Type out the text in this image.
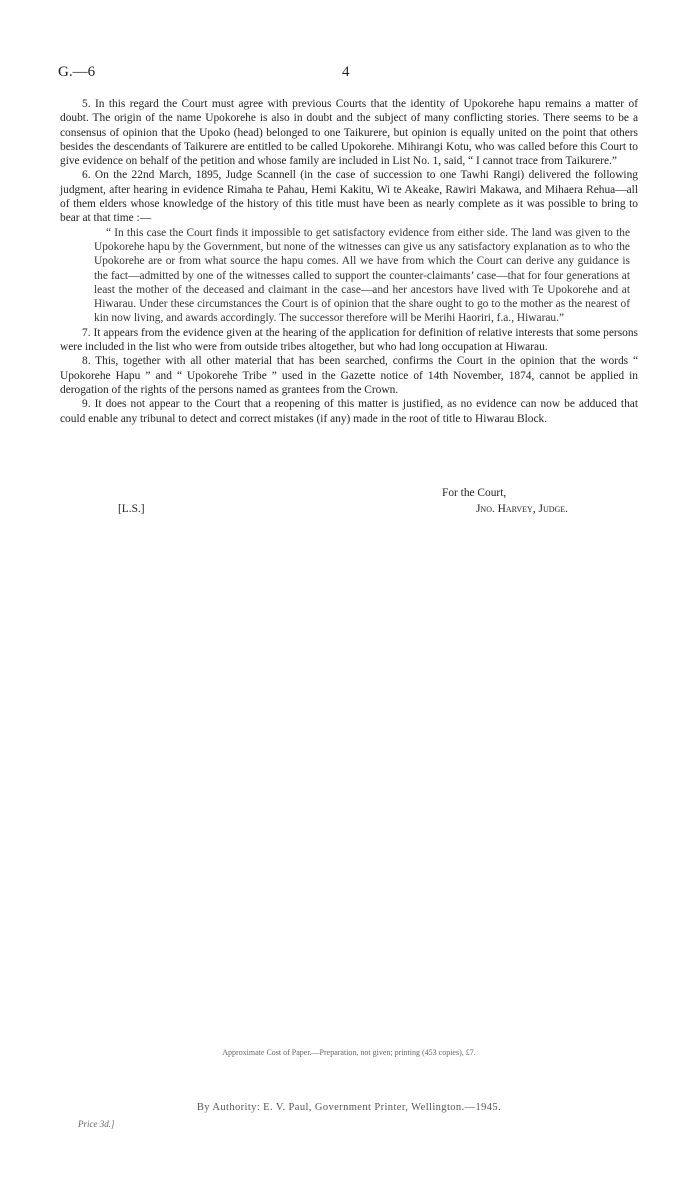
G.—6	4

5. In this regard the Court must agree with previous Courts that the identity of Upokorehe hapu remains a matter of doubt. The origin of the name Upokorehe is also in doubt and the subject of many conflicting stories. There seems to be a consensus of opinion that the Upoko (head) belonged to one Taikurere, but opinion is equally united on the point that others besides the descendants of Taikurere are entitled to be called Upokorehe. Mihirangi Kotu, who was called before this Court to give evidence on behalf of the petition and whose family are included in List No. 1, said, “ I cannot trace from Taikurere.”

6. On the 22nd March, 1895, Judge Scannell (in the case of succession to one Tawhi Rangi) delivered the following judgment, after hearing in evidence Rimaha te Pahau, Hemi Kakitu, Wi te Akeake, Rawiri Makawa, and Mihaera Rehua—all of them elders whose knowledge of the history of this title must have been as nearly complete as it was possible to bring to bear at that time :—

“ In this case the Court finds it impossible to get satisfactory evidence from either side. The land was given to the Upokorehe hapu by the Government, but none of the witnesses can give us any satisfactory explanation as to who the Upokorehe are or from what source the hapu comes. All we have from which the Court can derive any guidance is the fact—admitted by one of the witnesses called to support the counter-claimants’ case—that for four generations at least the mother of the deceased and claimant in the case—and her ancestors have lived with Te Upokorehe and at Hiwarau. Under these circumstances the Court is of opinion that the share ought to go to the mother as the nearest of kin now living, and awards accordingly. The successor therefore will be Merihi Haoriri, f.a., Hiwarau.”

7. It appears from the evidence given at the hearing of the application for definition of relative interests that some persons were included in the list who were from outside tribes altogether, but who had long occupation at Hiwarau.

8. This, together with all other material that has been searched, confirms the Court in the opinion that the words “ Upokorehe Hapu ” and “ Upokorehe Tribe ” used in the Gazette notice of 14th November, 1874, cannot be applied in derogation of the rights of the persons named as grantees from the Crown.

9. It does not appear to the Court that a reopening of this matter is justified, as no evidence can now be adduced that could enable any tribunal to detect and correct mistakes (if any) made in the root of title to Hiwarau Block.

For the Court,
[L.S.]	Jno. Harvey, Judge.
Approximate Cost of Paper.—Preparation, not given; printing (453 copies), £7.
By Authority: E. V. Paul, Government Printer, Wellington.—1945.
Price 3d.]
